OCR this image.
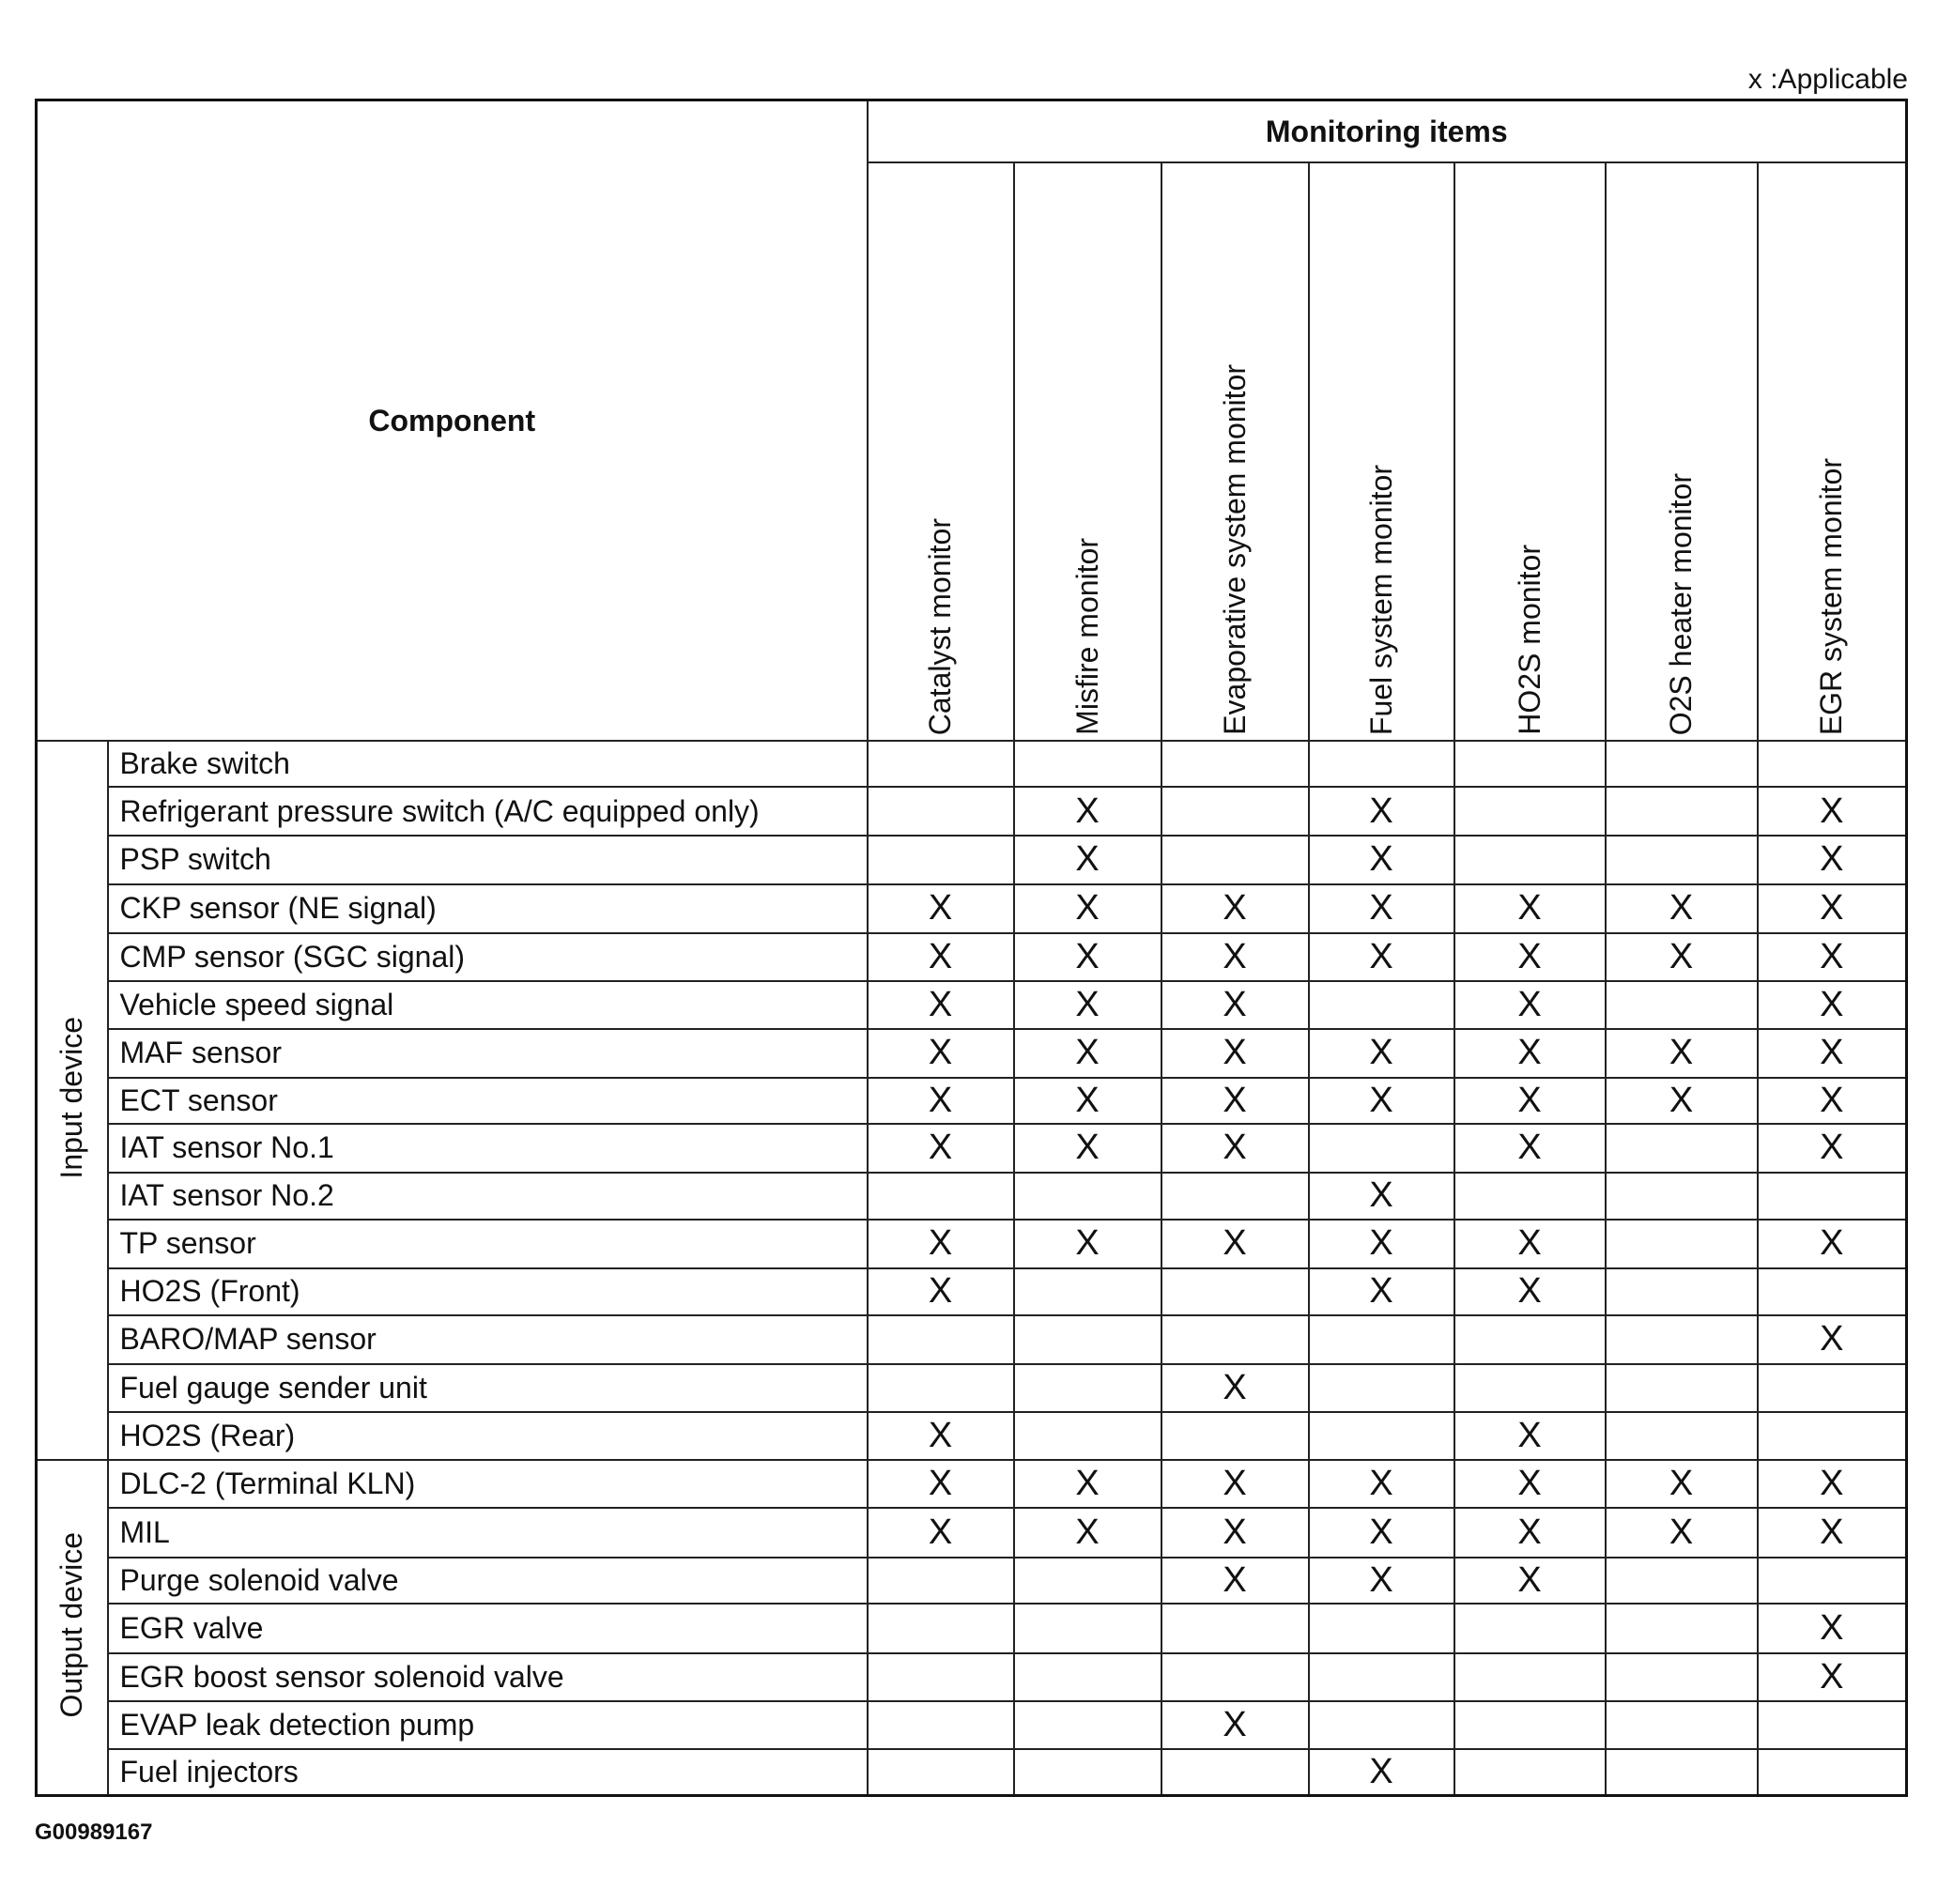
x :Applicable
Component		Monitoring items						
		Catalyst monitor	Misfire monitor	Evaporative system monitor	Fuel system monitor	HO2S monitor	O2S heater monitor	EGR system monitor
Input device	Brake switch							
	Refrigerant pressure switch (A/C equipped only)		X		X			X
	PSP switch		X		X			X
	CKP sensor (NE signal)	X	X	X	X	X	X	X
	CMP sensor (SGC signal)	X	X	X	X	X	X	X
	Vehicle speed signal	X	X	X		X		X
	MAF sensor	X	X	X	X	X	X	X
	ECT sensor	X	X	X	X	X	X	X
	IAT sensor No.1	X	X	X		X		X
	IAT sensor No.2				X			
	TP sensor	X	X	X	X	X		X
	HO2S (Front)	X			X	X		
	BARO/MAP sensor							X
	Fuel gauge sender unit			X				
	HO2S (Rear)	X				X		
Output device	DLC-2 (Terminal KLN)	X	X	X	X	X	X	X
	MIL	X	X	X	X	X	X	X
	Purge solenoid valve			X	X	X		
	EGR valve							X
	EGR boost sensor solenoid valve							X
	EVAP leak detection pump			X				
	Fuel injectors				X			
G00989167
